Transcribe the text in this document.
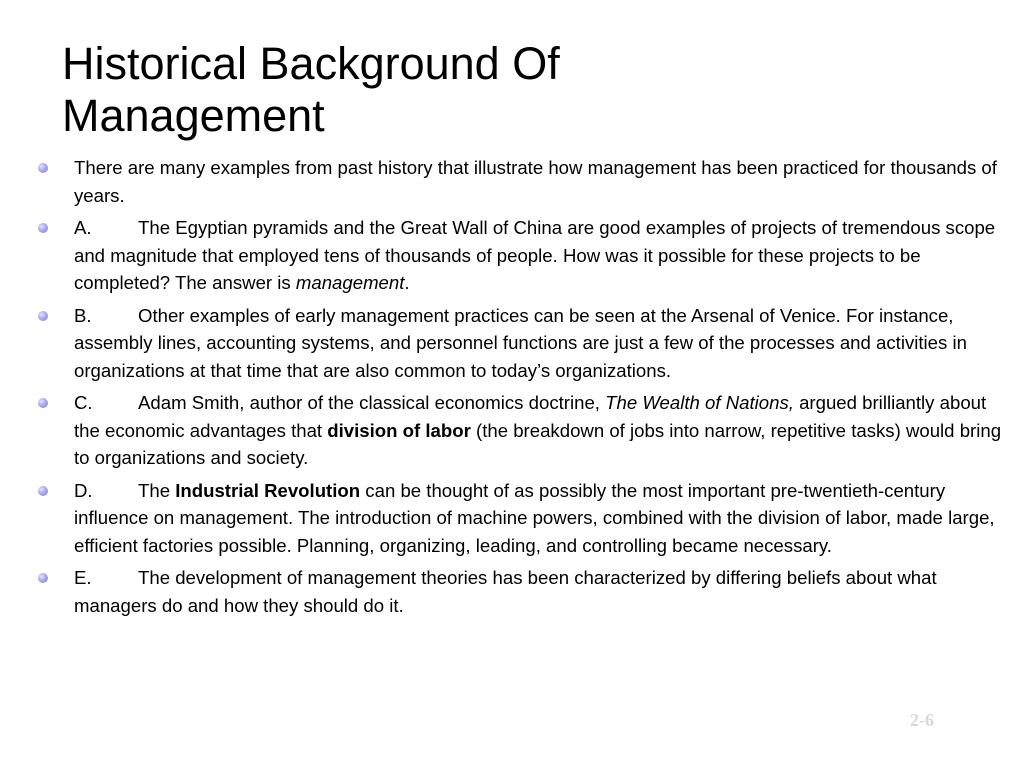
Historical Background Of
Management
There are many examples from past history that illustrate how management has been practiced for thousands of years.
A. The Egyptian pyramids and the Great Wall of China are good examples of projects of tremendous scope and magnitude that employed tens of thousands of people. How was it possible for these projects to be completed? The answer is management.
B. Other examples of early management practices can be seen at the Arsenal of Venice. For instance, assembly lines, accounting systems, and personnel functions are just a few of the processes and activities in organizations at that time that are also common to today’s organizations.
C. Adam Smith, author of the classical economics doctrine, The Wealth of Nations, argued brilliantly about the economic advantages that division of labor (the breakdown of jobs into narrow, repetitive tasks) would bring to organizations and society.
D. The Industrial Revolution can be thought of as possibly the most important pre-twentieth-century influence on management. The introduction of machine powers, combined with the division of labor, made large, efficient factories possible. Planning, organizing, leading, and controlling became necessary.
E. The development of management theories has been characterized by differing beliefs about what managers do and how they should do it.
2-6
